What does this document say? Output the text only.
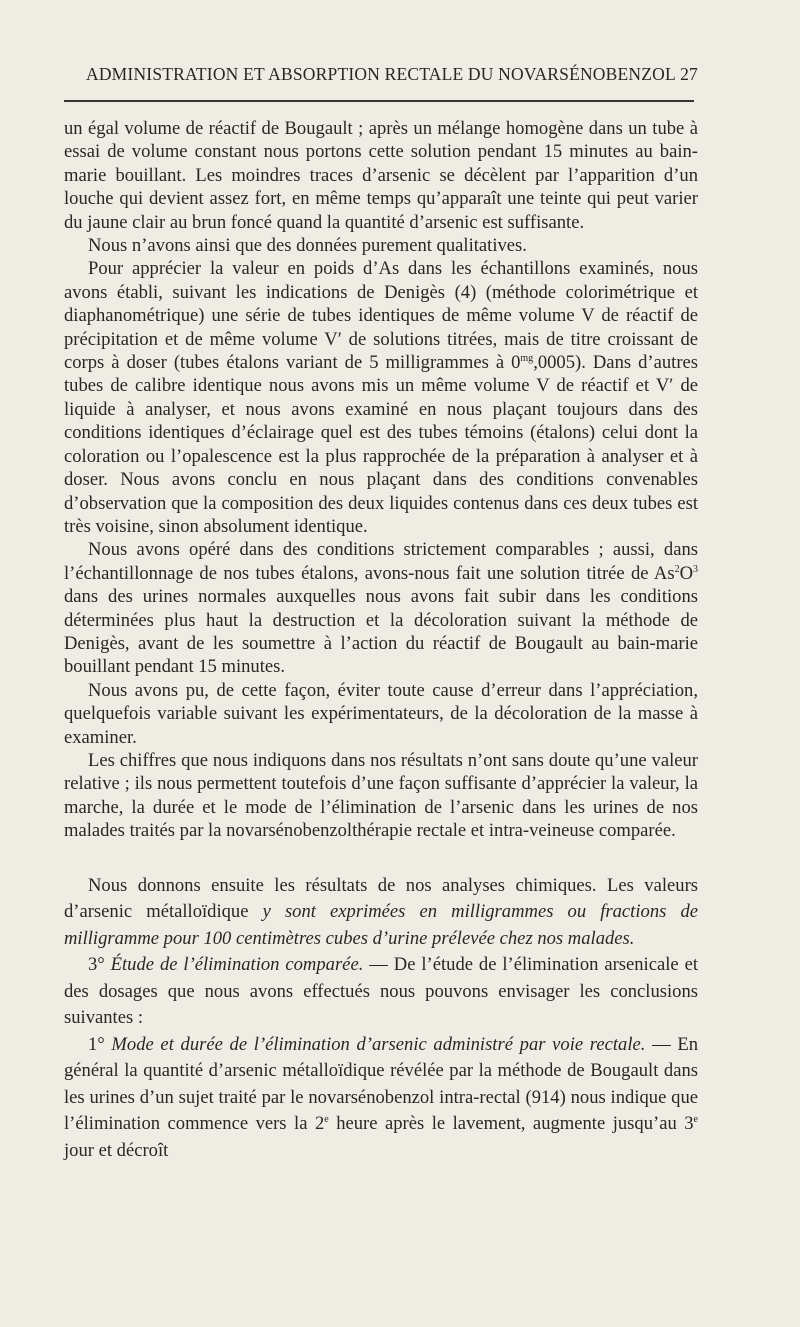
ADMINISTRATION ET ABSORPTION RECTALE DU NOVARSÉNOBENZOL 27

un égal volume de réactif de Bougault ; après un mélange homogène dans un tube à essai de volume constant nous portons cette solution pendant 15 minutes au bain-marie bouillant. Les moindres traces d’arsenic se décèlent par l’apparition d’un louche qui devient assez fort, en même temps qu’apparaît une teinte qui peut varier du jaune clair au brun foncé quand la quantité d’arsenic est suffisante.

Nous n’avons ainsi que des données purement qualitatives.

Pour apprécier la valeur en poids d’As dans les échantillons examinés, nous avons établi, suivant les indications de Denigès (4) (méthode colorimétrique et diaphanométrique) une série de tubes identiques de même volume V de réactif de précipitation et de même volume V′ de solutions titrées, mais de titre croissant de corps à doser (tubes étalons variant de 5 milligrammes à $0^{mg},0005$). Dans d’autres tubes de calibre identique nous avons mis un même volume V de réactif et V′ de liquide à analyser, et nous avons examiné en nous plaçant toujours dans des conditions identiques d’éclairage quel est des tubes témoins (étalons) celui dont la coloration ou l’opalescence est la plus rapprochée de la préparation à analyser et à doser. Nous avons conclu en nous plaçant dans des conditions convenables d’observation que la composition des deux liquides contenus dans ces deux tubes est très voisine, sinon absolument identique.

Nous avons opéré dans des conditions strictement comparables ; aussi, dans l’échantillonnage de nos tubes étalons, avons-nous fait une solution titrée de $As^2O^3$ dans des urines normales auxquelles nous avons fait subir dans les conditions déterminées plus haut la destruction et la décoloration suivant la méthode de Denigès, avant de les soumettre à l’action du réactif de Bougault au bain-marie bouillant pendant 15 minutes.

Nous avons pu, de cette façon, éviter toute cause d’erreur dans l’appréciation, quelquefois variable suivant les expérimentateurs, de la décoloration de la masse à examiner.

Les chiffres que nous indiquons dans nos résultats n’ont sans doute qu’une valeur relative ; ils nous permettent toutefois d’une façon suffisante d’apprécier la valeur, la marche, la durée et le mode de l’élimination de l’arsenic dans les urines de nos malades traités par la novarsénobenzolthérapie rectale et intra-veineuse comparée.

Nous donnons ensuite les résultats de nos analyses chimiques. Les valeurs d’arsenic métalloïdique y sont exprimées en milligrammes ou fractions de milligramme pour 100 centimètres cubes d’urine prélevée chez nos malades.

3° Étude de l’élimination comparée. — De l’étude de l’élimination arsenicale et des dosages que nous avons effectués nous pouvons envisager les conclusions suivantes :

1° Mode et durée de l’élimination d’arsenic administré par voie rectale. — En général la quantité d’arsenic métalloïdique révélée par la méthode de Bougault dans les urines d’un sujet traité par le novarsénobenzol intra-rectal (914) nous indique que l’élimination commence vers la 2e heure après le lavement, augmente jusqu’au 3e jour et décroît
